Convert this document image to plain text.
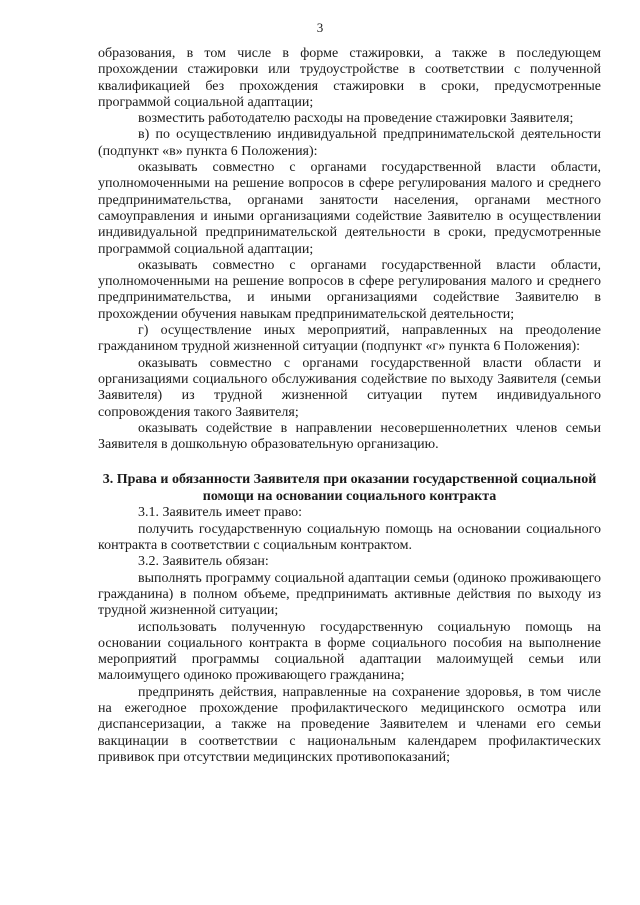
3

образования, в том числе в форме стажировки, а также в последующем прохождении стажировки или трудоустройстве в соответствии с полученной квалификацией без прохождения стажировки в сроки, предусмотренные программой социальной адаптации;

возместить работодателю расходы на проведение стажировки Заявителя;

в) по осуществлению индивидуальной предпринимательской деятельности (подпункт «в» пункта 6 Положения):

оказывать совместно с органами государственной власти области, уполномоченными на решение вопросов в сфере регулирования малого и среднего предпринимательства, органами занятости населения, органами местного самоуправления и иными организациями содействие Заявителю в осуществлении индивидуальной предпринимательской деятельности в сроки, предусмотренные программой социальной адаптации;

оказывать совместно с органами государственной власти области, уполномоченными на решение вопросов в сфере регулирования малого и среднего предпринимательства, и иными организациями содействие Заявителю в прохождении обучения навыкам предпринимательской деятельности;

г) осуществление иных мероприятий, направленных на преодоление гражданином трудной жизненной ситуации (подпункт «г» пункта 6 Положения):

оказывать совместно с органами государственной власти области и организациями социального обслуживания содействие по выходу Заявителя (семьи Заявителя) из трудной жизненной ситуации путем индивидуального сопровождения такого Заявителя;

оказывать содействие в направлении несовершеннолетних членов семьи Заявителя в дошкольную образовательную организацию.

3. Права и обязанности Заявителя при оказании государственной социальной помощи на основании социального контракта

3.1. Заявитель имеет право:

получить государственную социальную помощь на основании социального контракта в соответствии с социальным контрактом.

3.2. Заявитель обязан:

выполнять программу социальной адаптации семьи (одиноко проживающего гражданина) в полном объеме, предпринимать активные действия по выходу из трудной жизненной ситуации;

использовать полученную государственную социальную помощь на основании социального контракта в форме социального пособия на выполнение мероприятий программы социальной адаптации малоимущей семьи или малоимущего одиноко проживающего гражданина;

предпринять действия, направленные на сохранение здоровья, в том числе на ежегодное прохождение профилактического медицинского осмотра или диспансеризации, а также на проведение Заявителем и членами его семьи вакцинации в соответствии с национальным календарем профилактических прививок при отсутствии медицинских противопоказаний;
